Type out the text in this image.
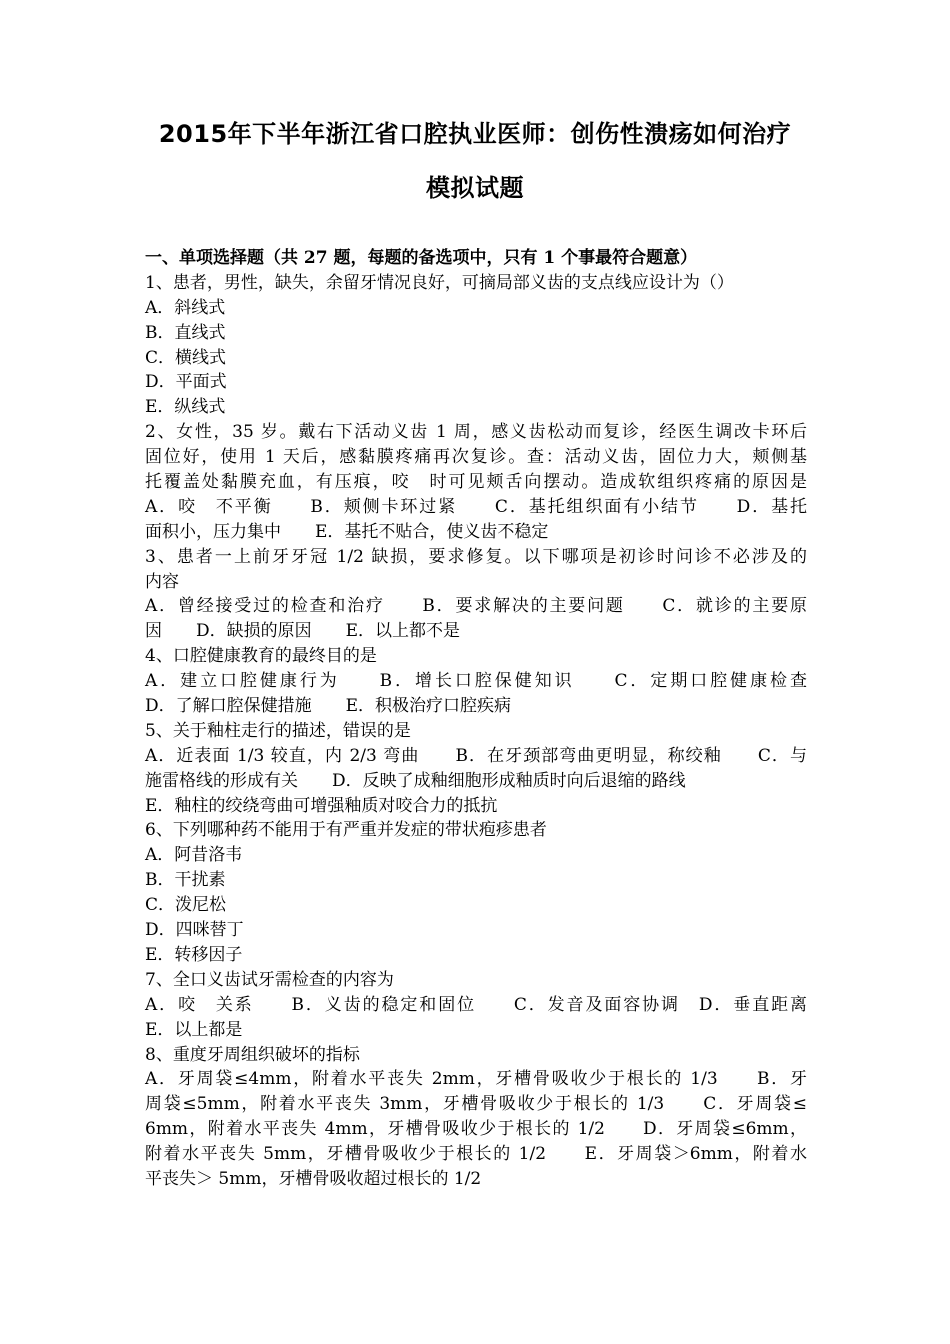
2015年下半年浙江省口腔执业医师：创伤性溃疡如何治疗
模拟试题
一、单项选择题（共 27 题，每题的备选项中，只有 1 个事最符合题意）
1、患者，男性，缺失，余留牙情况良好，可摘局部义齿的支点线应设计为（）
A．斜线式
B．直线式
C．横线式
D．平面式
E．纵线式
2、女性，35 岁。戴右下活动义齿 1 周，感义齿松动而复诊，经医生调改卡环后
固位好，使用 1 天后，感黏膜疼痛再次复诊。查：活动义齿，固位力大，颊侧基
托覆盖处黏膜充血，有压痕，咬　时可见颊舌向摆动。造成软组织疼痛的原因是
A．咬　不平衡　　B．颊侧卡环过紧　　C．基托组织面有小结节　　D．基托
面积小，压力集中　　E．基托不贴合，使义齿不稳定
3、患者一上前牙牙冠 1/2 缺损，要求修复。以下哪项是初诊时问诊不必涉及的
内容
A．曾经接受过的检查和治疗　　B．要求解决的主要问题　　C．就诊的主要原
因　　D．缺损的原因　　E．以上都不是
4、口腔健康教育的最终目的是
A．建立口腔健康行为　　B．增长口腔保健知识　　C．定期口腔健康检查
D．了解口腔保健措施　　E．积极治疗口腔疾病
5、关于釉柱走行的描述，错误的是
A．近表面 1/3 较直，内 2/3 弯曲　　B．在牙颈部弯曲更明显，称绞釉　　C．与
施雷格线的形成有关　　D．反映了成釉细胞形成釉质时向后退缩的路线
E．釉柱的绞绕弯曲可增强釉质对咬合力的抵抗
6、下列哪种药不能用于有严重并发症的带状疱疹患者
A．阿昔洛韦
B．干扰素
C．泼尼松
D．四咪替丁
E．转移因子
7、全口义齿试牙需检查的内容为
A．咬　关系　　B．义齿的稳定和固位　　C．发音及面容协调　D．垂直距离
E．以上都是
8、重度牙周组织破坏的指标
A．牙周袋≤4mm，附着水平丧失 2mm，牙槽骨吸收少于根长的 1/3　　B．牙
周袋≤5mm，附着水平丧失 3mm，牙槽骨吸收少于根长的 1/3　　C．牙周袋≤
6mm，附着水平丧失 4mm，牙槽骨吸收少于根长的 1/2　　D．牙周袋≤6mm，
附着水平丧失 5mm，牙槽骨吸收少于根长的 1/2　　E．牙周袋＞6mm，附着水
平丧失＞ 5mm，牙槽骨吸收超过根长的 1/2
